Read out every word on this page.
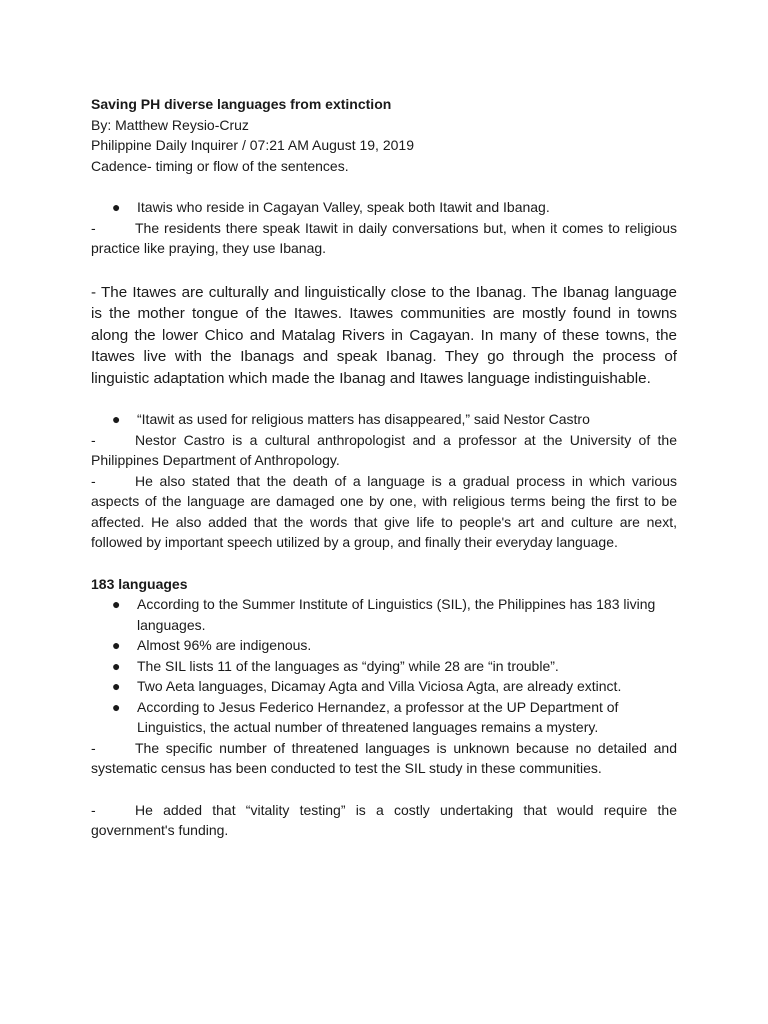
Saving PH diverse languages from extinction

By: Matthew Reysio-Cruz

Philippine Daily Inquirer / 07:21 AM August 19, 2019

Cadence- timing or flow of the sentences.

●	Itawis who reside in Cagayan Valley, speak both Itawit and Ibanag.

-	The residents there speak Itawit in daily conversations but, when it comes to religious practice like praying, they use Ibanag.

- The Itawes are culturally and linguistically close to the Ibanag. The Ibanag language is the mother tongue of the Itawes. Itawes communities are mostly found in towns along the lower Chico and Matalag Rivers in Cagayan. In many of these towns, the Itawes live with the Ibanags and speak Ibanag. They go through the process of linguistic adaptation which made the Ibanag and Itawes language indistinguishable.

●	“Itawit as used for religious matters has disappeared,” said Nestor Castro

-	Nestor Castro is a cultural anthropologist and a professor at the University of the Philippines Department of Anthropology.

-	He also stated that the death of a language is a gradual process in which various aspects of the language are damaged one by one, with religious terms being the first to be affected. He also added that the words that give life to people's art and culture are next, followed by important speech utilized by a group, and finally their everyday language.

183 languages

●	According to the Summer Institute of Linguistics (SIL), the Philippines has 183 living languages.
●	Almost 96% are indigenous.
●	The SIL lists 11 of the languages as “dying” while 28 are “in trouble”.
●	Two Aeta languages, Dicamay Agta and Villa Viciosa Agta, are already extinct.
●	According to Jesus Federico Hernandez, a professor at the UP Department of Linguistics, the actual number of threatened languages remains a mystery.

-	The specific number of threatened languages is unknown because no detailed and systematic census has been conducted to test the SIL study in these communities.

-	He added that “vitality testing” is a costly undertaking that would require the government's funding.
